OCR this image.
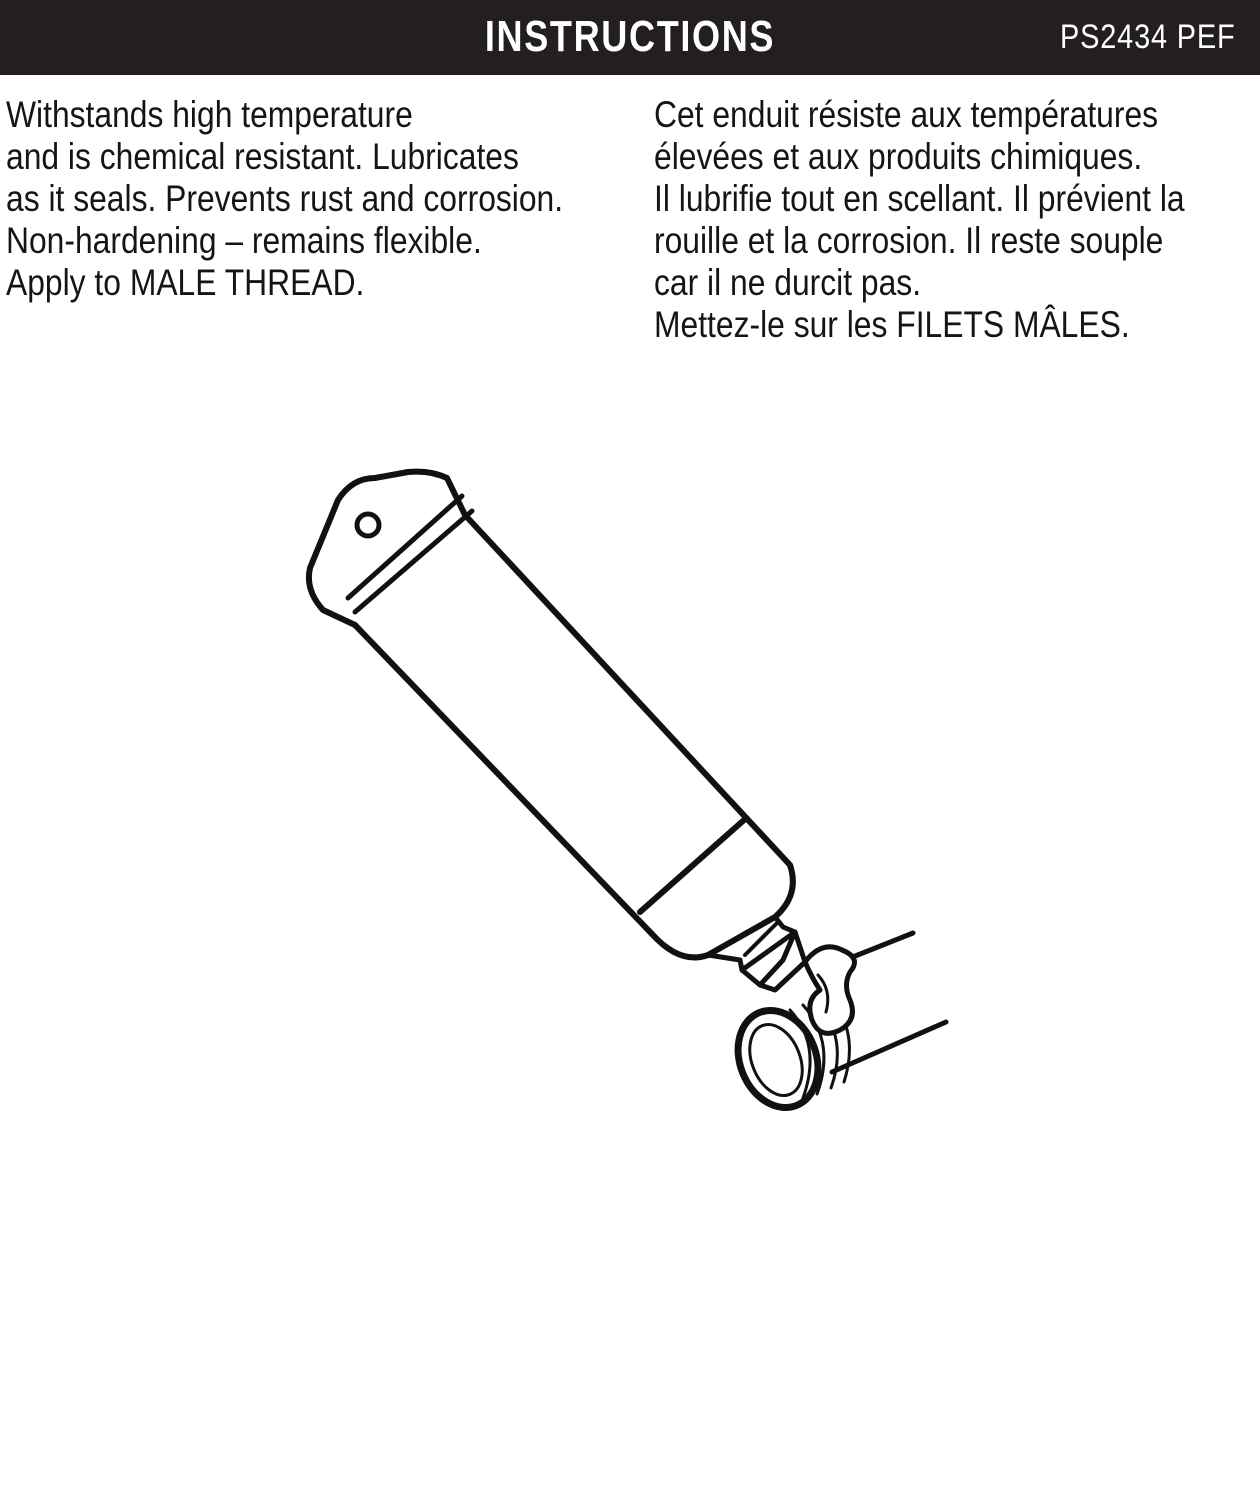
INSTRUCTIONS	PS2434 PEF
Withstands high temperature
and is chemical resistant. Lubricates
as it seals. Prevents rust and corrosion.
Non-hardening – remains flexible.
Apply to MALE THREAD.
Cet enduit résiste aux températures
élevées et aux produits chimiques.
Il lubrifie tout en scellant. Il prévient la
rouille et la corrosion. Il reste souple
car il ne durcit pas.
Mettez-le sur les FILETS MÂLES.
